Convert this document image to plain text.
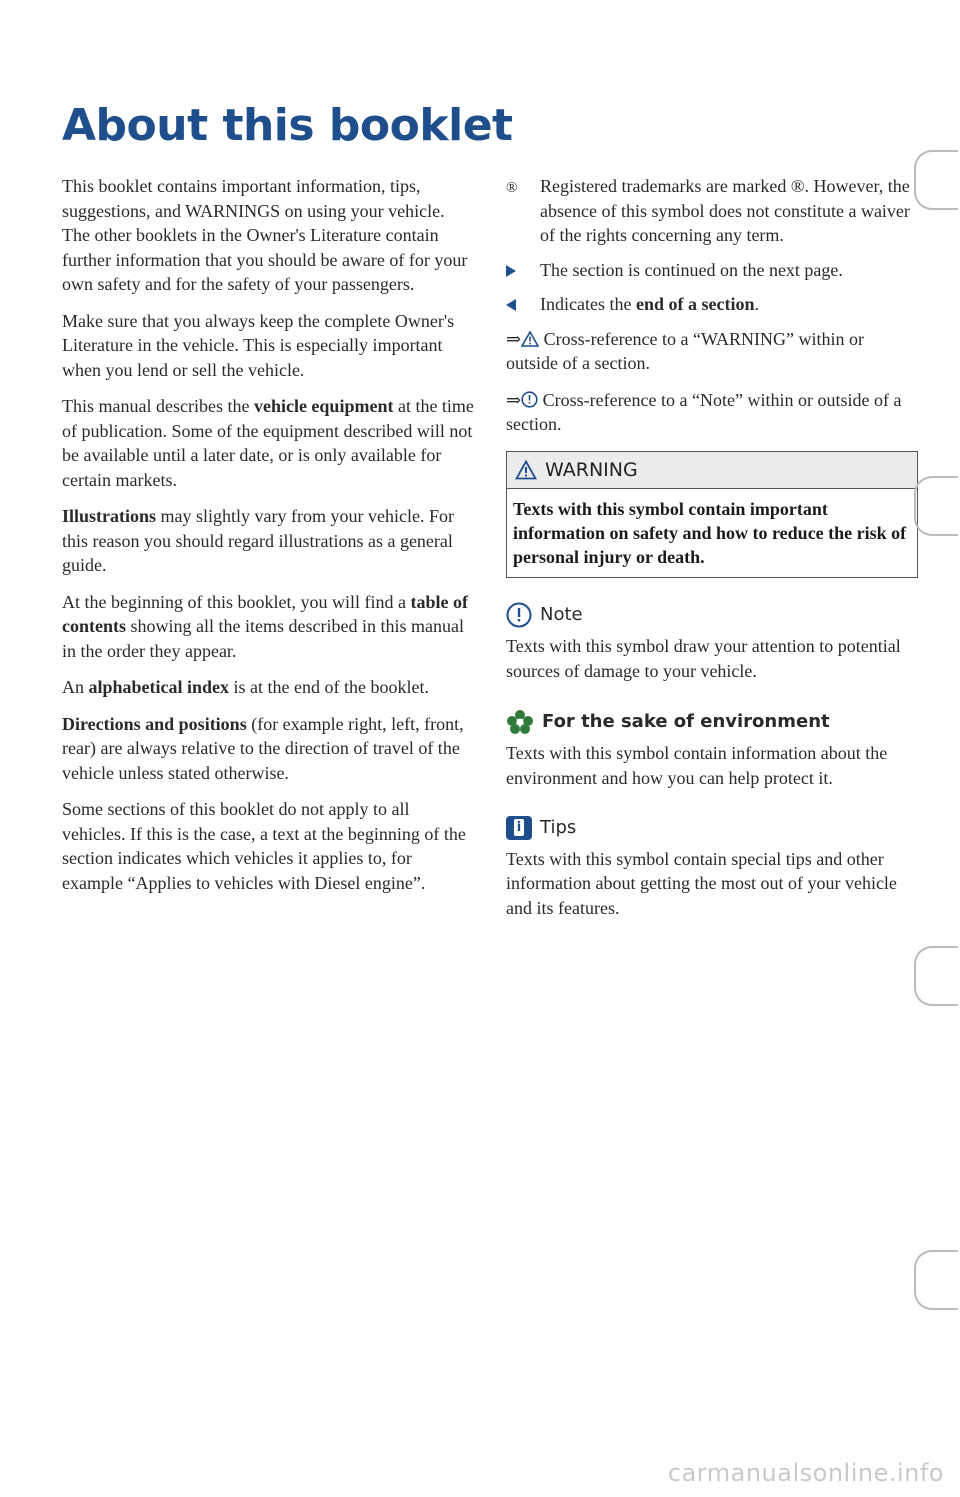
About this booklet

This booklet contains important information, tips, suggestions, and WARNINGS on using your vehicle. The other booklets in the Owner's Literature contain further information that you should be aware of for your own safety and for the safety of your passengers.

Make sure that you always keep the complete Owner's Literature in the vehicle. This is especially important when you lend or sell the vehicle.

This manual describes the vehicle equipment at the time of publication. Some of the equipment described will not be available until a later date, or is only available for certain markets.

Illustrations may slightly vary from your vehicle. For this reason you should regard illustrations as a general guide.

At the beginning of this booklet, you will find a table of contents showing all the items described in this manual in the order they appear.

An alphabetical index is at the end of the booklet.

Directions and positions (for example right, left, front, rear) are always relative to the direction of travel of the vehicle unless stated otherwise.

Some sections of this booklet do not apply to all vehicles. If this is the case, a text at the beginning of the section indicates which vehicles it applies to, for example “Applies to vehicles with Diesel engine”.

® Registered trademarks are marked ®. However, the absence of this symbol does not constitute a waiver of the rights concerning any term.
The section is continued on the next page.
Indicates the end of a section.

⇒ Cross-reference to a “WARNING” within or outside of a section.

⇒ Cross-reference to a “Note” within or outside of a section.

WARNING
Texts with this symbol contain important information on safety and how to reduce the risk of personal injury or death.
Note
Texts with this symbol draw your attention to potential sources of damage to your vehicle.
For the sake of environment
Texts with this symbol contain information about the environment and how you can help protect it.
i Tips
Texts with this symbol contain special tips and other information about getting the most out of your vehicle and its features.
carmanualsonline.info
